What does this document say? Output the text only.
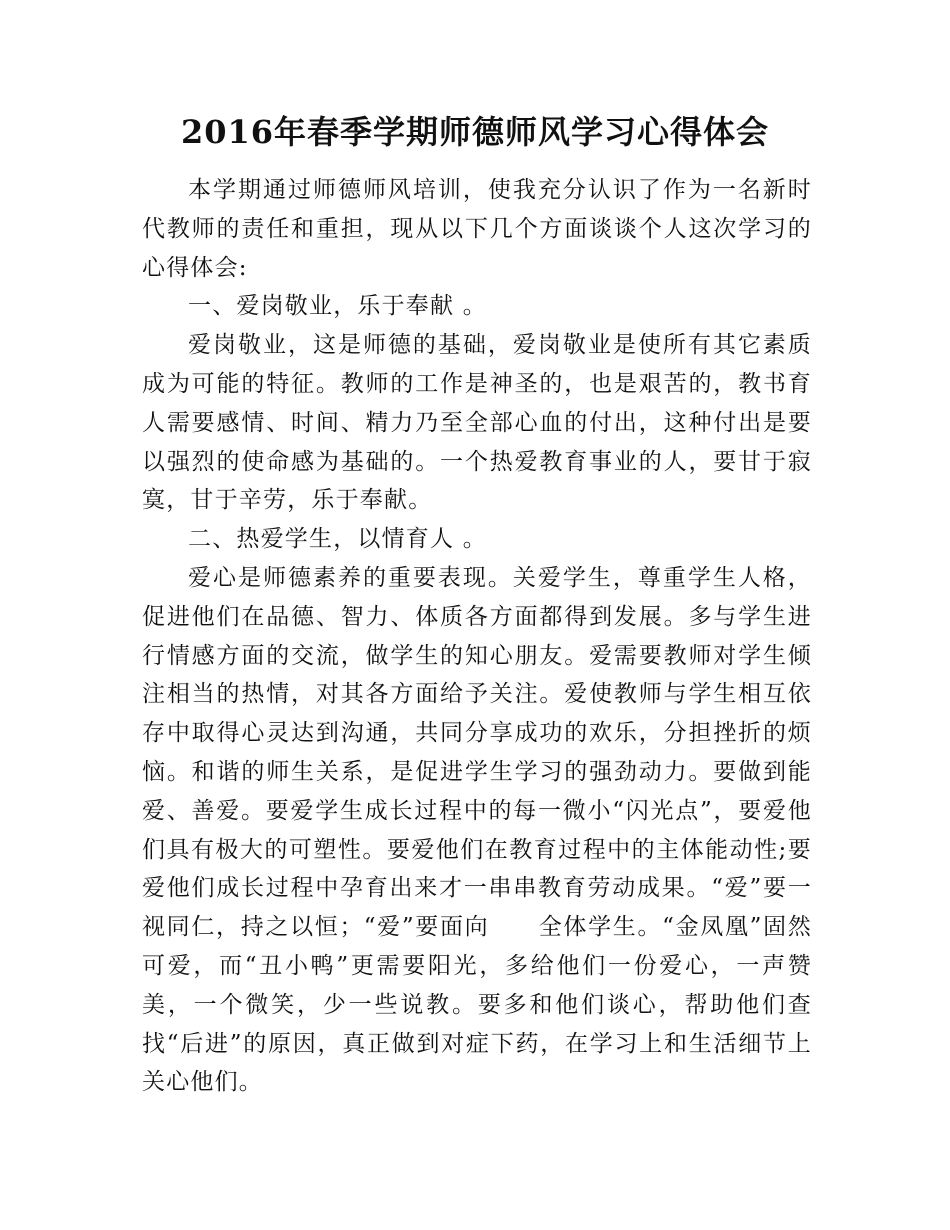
2016年春季学期师德师风学习心得体会

本学期通过师德师风培训，使我充分认识了作为一名新时代教师的责任和重担，现从以下几个方面谈谈个人这次学习的心得体会:

一、爱岗敬业，乐于奉献 。

爱岗敬业，这是师德的基础，爱岗敬业是使所有其它素质成为可能的特征。教师的工作是神圣的，也是艰苦的，教书育人需要感情、时间、精力乃至全部心血的付出，这种付出是要以强烈的使命感为基础的。一个热爱教育事业的人，要甘于寂寞，甘于辛劳，乐于奉献。

二、热爱学生，以情育人 。

爱心是师德素养的重要表现。关爱学生，尊重学生人格，促进他们在品德、智力、体质各方面都得到发展。多与学生进行情感方面的交流，做学生的知心朋友。爱需要教师对学生倾注相当的热情，对其各方面给予关注。爱使教师与学生相互依存中取得心灵达到沟通，共同分享成功的欢乐，分担挫折的烦恼。和谐的师生关系，是促进学生学习的强劲动力。要做到能爱、善爱。要爱学生成长过程中的每一微小“闪光点”，要爱他们具有极大的可塑性。要爱他们在教育过程中的主体能动性;要爱他们成长过程中孕育出来才一串串教育劳动成果。“爱”要一视同仁，持之以恒；“爱”要面向　　全体学生。“金凤凰”固然可爱，而“丑小鸭”更需要阳光，多给他们一份爱心，一声赞美，一个微笑，少一些说教。要多和他们谈心，帮助他们查找“后进”的原因，真正做到对症下药，在学习上和生活细节上关心他们。
